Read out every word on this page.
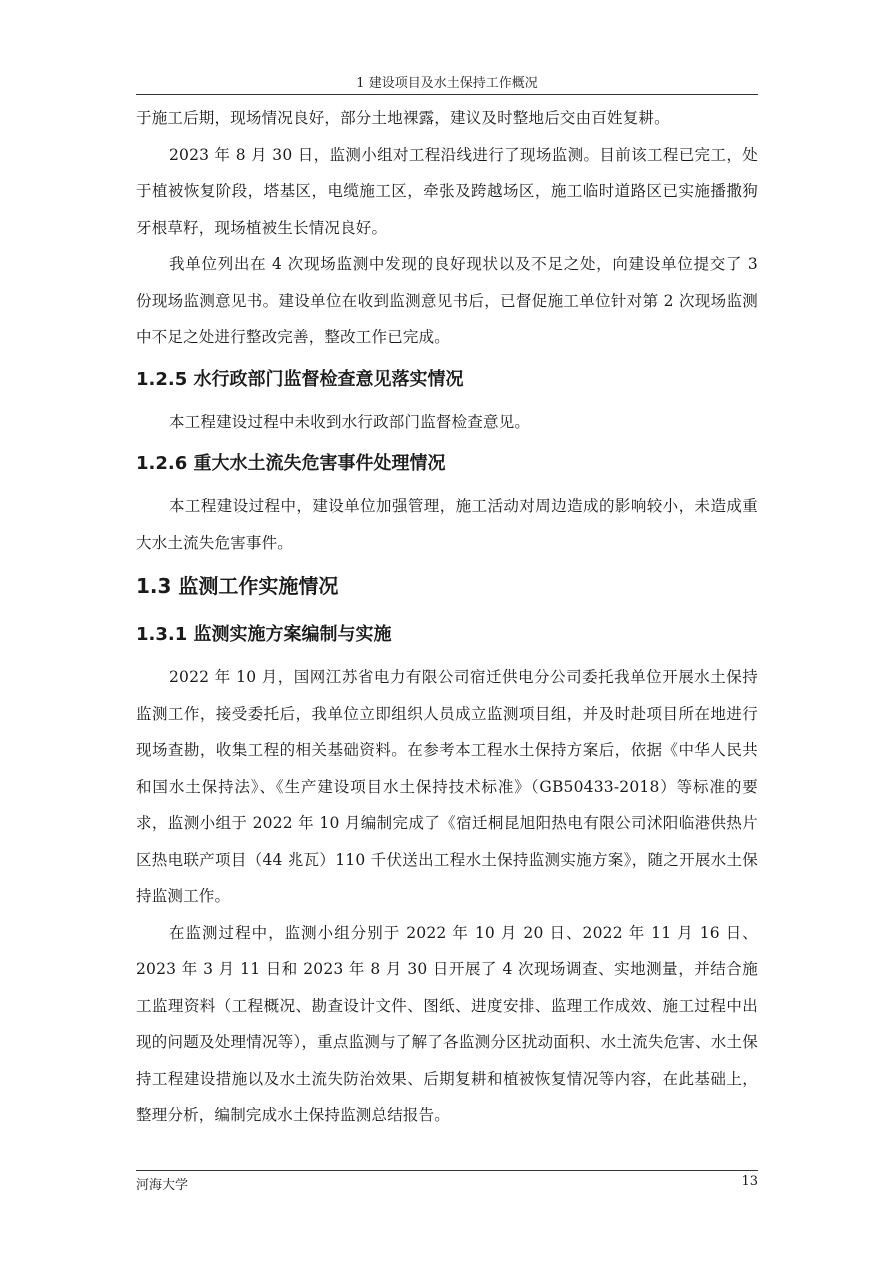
1 建设项目及水土保持工作概况

于施工后期，现场情况良好，部分土地裸露，建议及时整地后交由百姓复耕。

2023 年 8 月 30 日，监测小组对工程沿线进行了现场监测。目前该工程已完工，处于植被恢复阶段，塔基区，电缆施工区，牵张及跨越场区，施工临时道路区已实施播撒狗牙根草籽，现场植被生长情况良好。

我单位列出在 4 次现场监测中发现的良好现状以及不足之处，向建设单位提交了 3 份现场监测意见书。建设单位在收到监测意见书后，已督促施工单位针对第 2 次现场监测中不足之处进行整改完善，整改工作已完成。

1.2.5 水行政部门监督检查意见落实情况

本工程建设过程中未收到水行政部门监督检查意见。

1.2.6 重大水土流失危害事件处理情况

本工程建设过程中，建设单位加强管理，施工活动对周边造成的影响较小，未造成重大水土流失危害事件。

1.3 监测工作实施情况
1.3.1 监测实施方案编制与实施

2022 年 10 月，国网江苏省电力有限公司宿迁供电分公司委托我单位开展水土保持监测工作，接受委托后，我单位立即组织人员成立监测项目组，并及时赴项目所在地进行现场查勘，收集工程的相关基础资料。在参考本工程水土保持方案后，依据《中华人民共和国水土保持法》、《生产建设项目水土保持技术标准》（GB50433-2018）等标准的要求，监测小组于 2022 年 10 月编制完成了《宿迁桐昆旭阳热电有限公司沭阳临港供热片区热电联产项目（44 兆瓦）110 千伏送出工程水土保持监测实施方案》，随之开展水土保持监测工作。

在监测过程中，监测小组分别于 2022 年 10 月 20 日、2022 年 11 月 16 日、2023 年 3 月 11 日和 2023 年 8 月 30 日开展了 4 次现场调查、实地测量，并结合施工监理资料（工程概况、勘查设计文件、图纸、进度安排、监理工作成效、施工过程中出现的问题及处理情况等），重点监测与了解了各监测分区扰动面积、水土流失危害、水土保持工程建设措施以及水土流失防治效果、后期复耕和植被恢复情况等内容，在此基础上，整理分析，编制完成水土保持监测总结报告。

河海大学	13
